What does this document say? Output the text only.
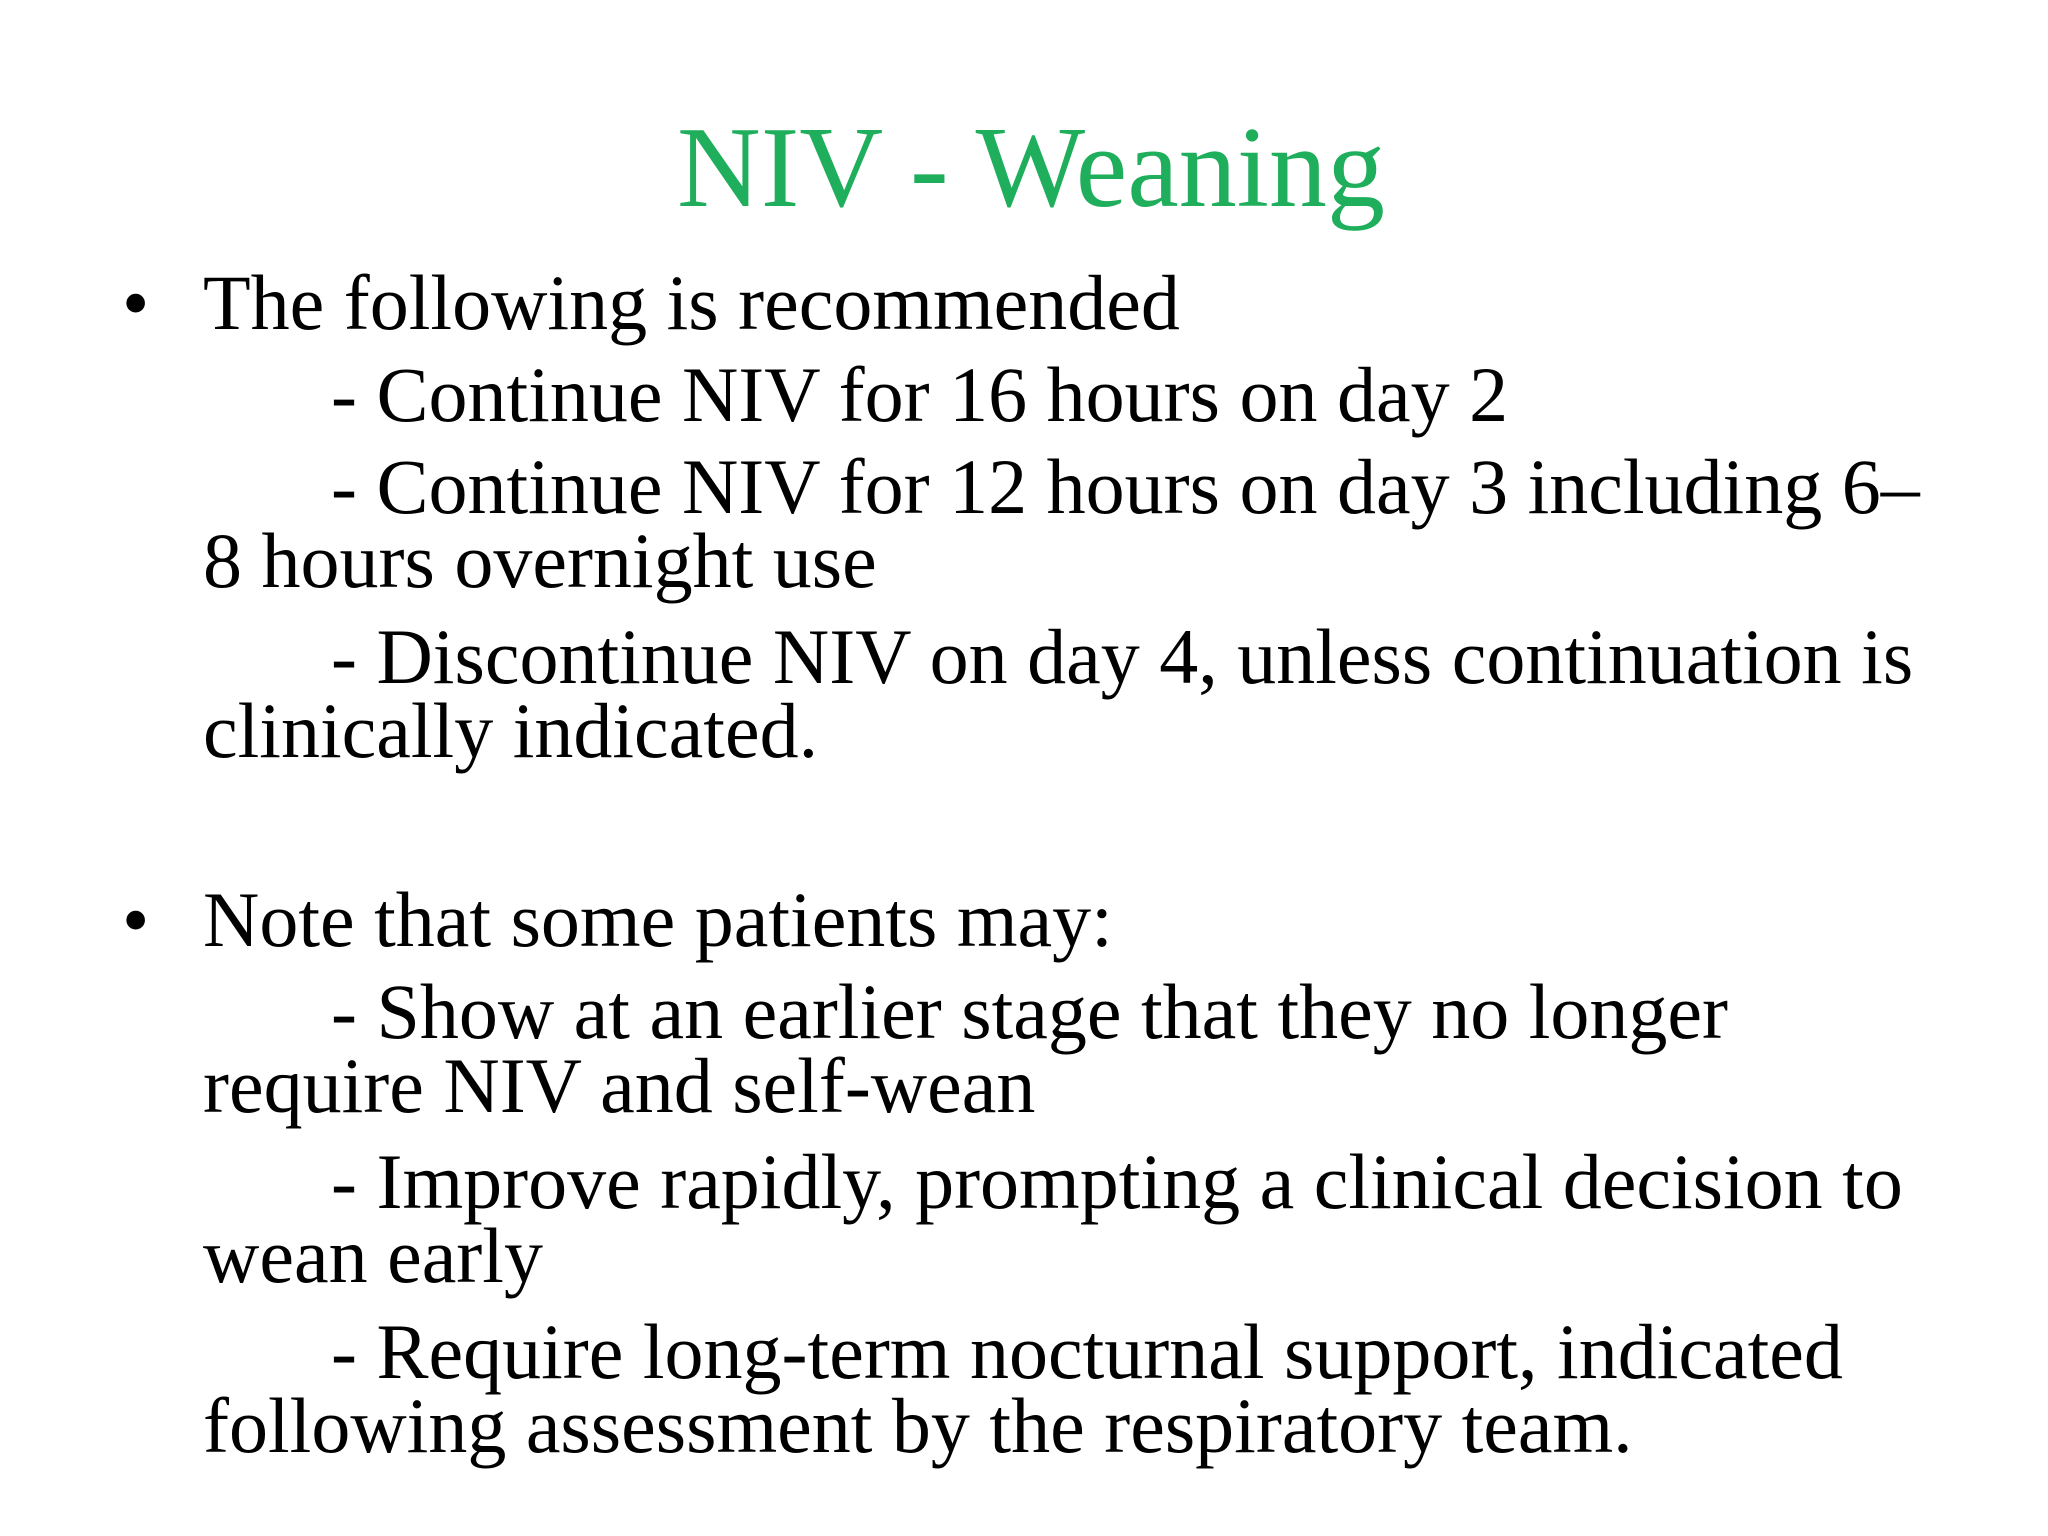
NIV - Weaning
• The following is recommended
- Continue NIV for 16 hours on day 2
- Continue NIV for 12 hours on day 3 including 6–
8 hours overnight use
- Discontinue NIV on day 4, unless continuation is
clinically indicated.
• Note that some patients may:
- Show at an earlier stage that they no longer
require NIV and self-wean
- Improve rapidly, prompting a clinical decision to
wean early
- Require long-term nocturnal support, indicated
following assessment by the respiratory team.
